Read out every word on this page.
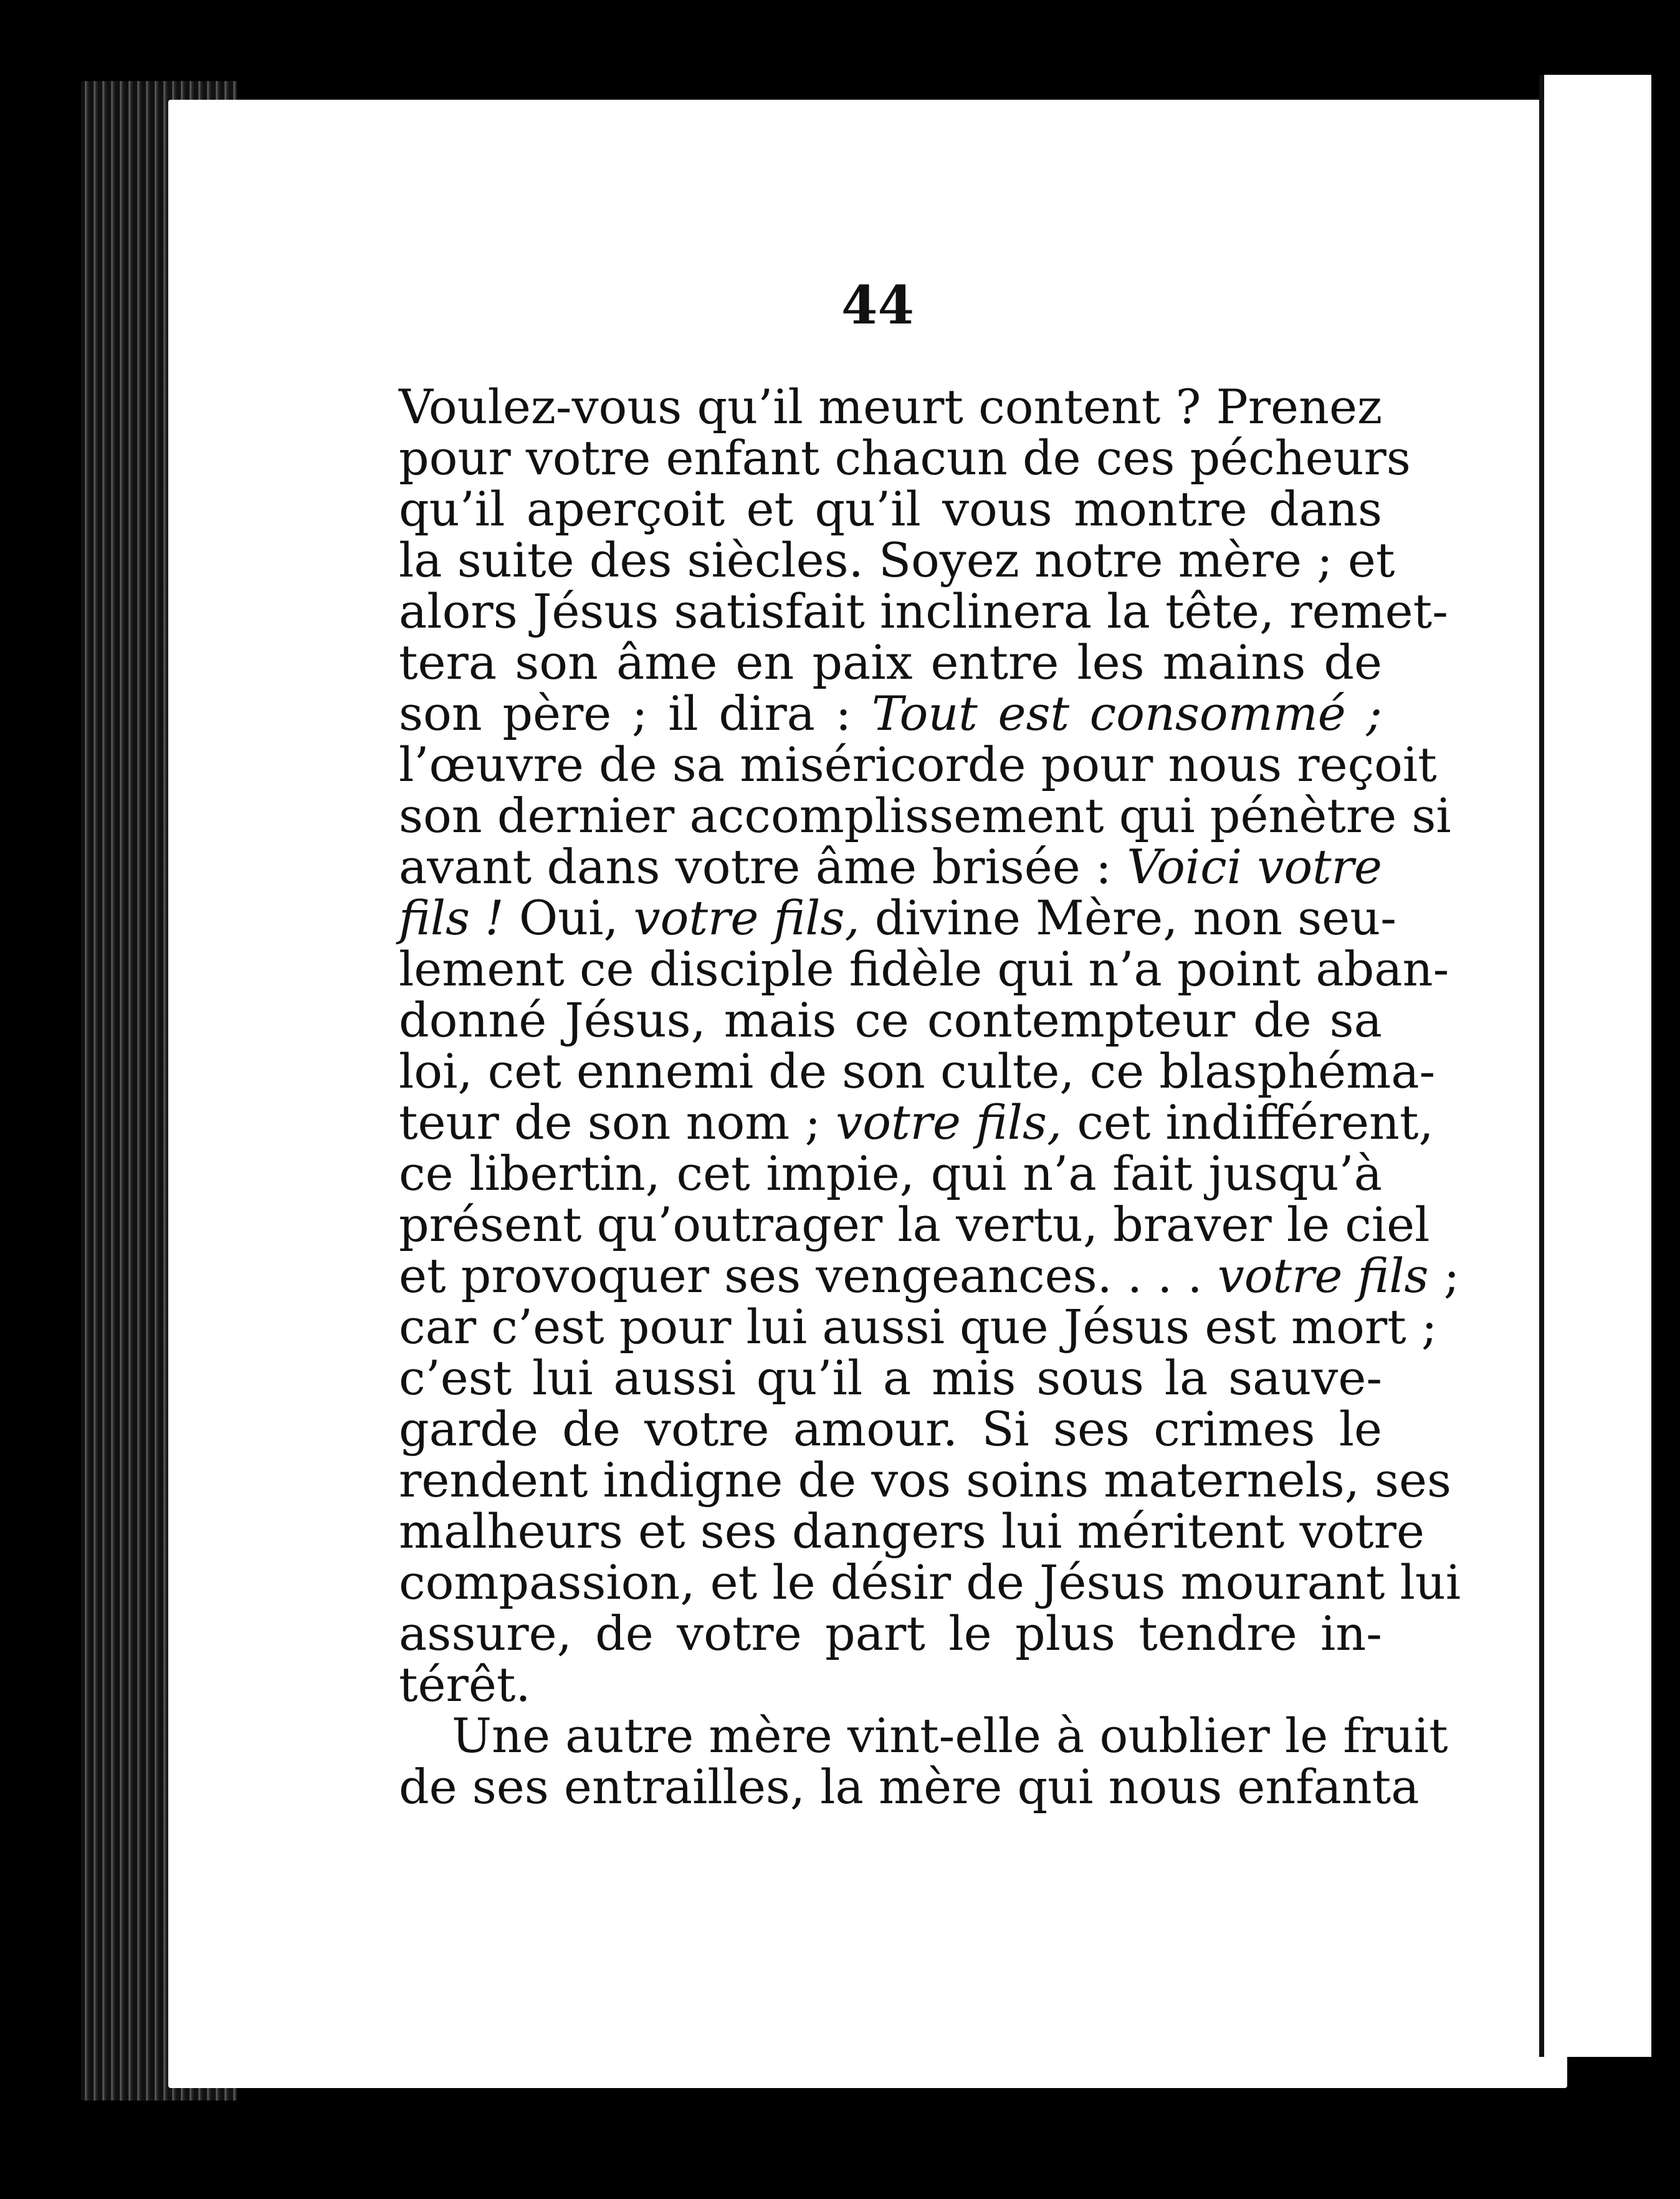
44
Voulez-vous qu’il meurt content ? Prenez
pour votre enfant chacun de ces pécheurs
qu’il aperçoit et qu’il vous montre dans
la suite des siècles. Soyez notre mère ; et
alors Jésus satisfait inclinera la tête, remet-
tera son âme en paix entre les mains de
son père ; il dira : Tout est consommé ;
l’œuvre de sa miséricorde pour nous reçoit
son dernier accomplissement qui pénètre si
avant dans votre âme brisée : Voici votre
fils ! Oui, votre fils, divine Mère, non seu-
lement ce disciple fidèle qui n’a point aban-
donné Jésus, mais ce contempteur de sa
loi, cet ennemi de son culte, ce blasphéma-
teur de son nom ; votre fils, cet indifférent,
ce libertin, cet impie, qui n’a fait jusqu’à
présent qu’outrager la vertu, braver le ciel
et provoquer ses vengeances. . . . votre fils ;
car c’est pour lui aussi que Jésus est mort ;
c’est lui aussi qu’il a mis sous la sauve-
garde de votre amour. Si ses crimes le
rendent indigne de vos soins maternels, ses
malheurs et ses dangers lui méritent votre
compassion, et le désir de Jésus mourant lui
assure, de votre part le plus tendre in-
térêt.
Une autre mère vint-elle à oublier le fruit
de ses entrailles, la mère qui nous enfanta
